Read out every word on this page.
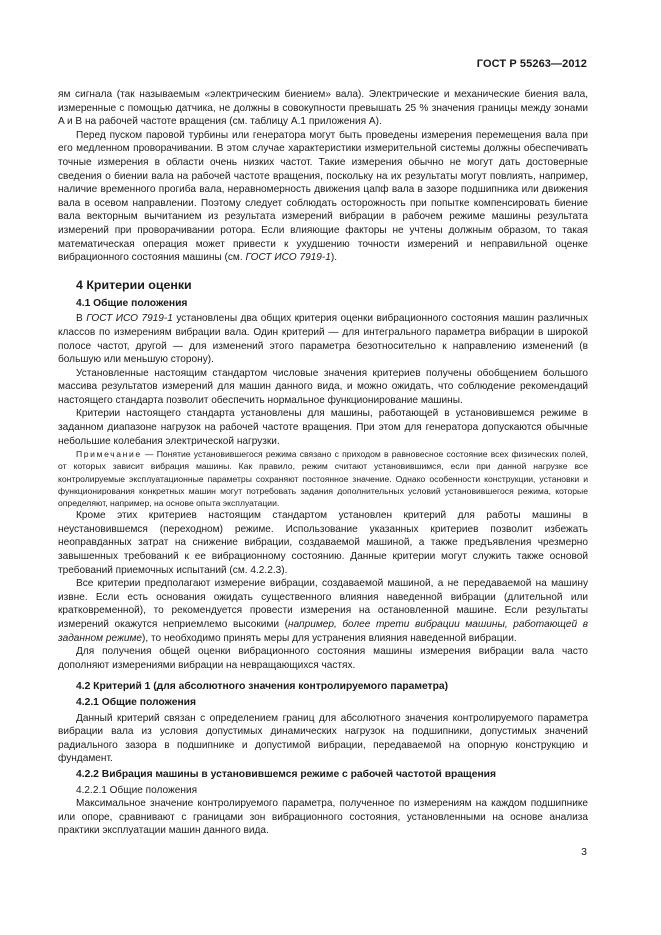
ГОСТ Р 55263—2012

ям сигнала (так называемым «электрическим биением» вала). Электрические и механические биения вала, измеренные с помощью датчика, не должны в совокупности превышать 25 % значения границы между зонами A и B на рабочей частоте вращения (см. таблицу A.1 приложения A).

Перед пуском паровой турбины или генератора могут быть проведены измерения перемещения вала при его медленном проворачивании. В этом случае характеристики измерительной системы должны обеспечивать точные измерения в области очень низких частот. Такие измерения обычно не могут дать достоверные сведения о биении вала на рабочей частоте вращения, поскольку на их результаты могут повлиять, например, наличие временного прогиба вала, неравномерность движения цапф вала в зазоре подшипника или движения вала в осевом направлении. Поэтому следует соблюдать осторожность при попытке компенсировать биение вала векторным вычитанием из результата измерений вибрации в рабочем режиме машины результата измерений при проворачивании ротора. Если влияющие факторы не учтены должным образом, то такая математическая операция может привести к ухудшению точности измерений и неправильной оценке вибрационного состояния машины (см. ГОСТ ИСО 7919-1).

4 Критерии оценки
4.1 Общие положения

В ГОСТ ИСО 7919-1 установлены два общих критерия оценки вибрационного состояния машин различных классов по измерениям вибрации вала. Один критерий — для интегрального параметра вибрации в широкой полосе частот, другой — для изменений этого параметра безотносительно к направлению изменений (в большую или меньшую сторону).

Установленные настоящим стандартом числовые значения критериев получены обобщением большого массива результатов измерений для машин данного вида, и можно ожидать, что соблюдение рекомендаций настоящего стандарта позволит обеспечить нормальное функционирование машины.

Критерии настоящего стандарта установлены для машины, работающей в установившемся режиме в заданном диапазоне нагрузок на рабочей частоте вращения. При этом для генератора допускаются обычные небольшие колебания электрической нагрузки.

Примечание — Понятие установившегося режима связано с приходом в равновесное состояние всех физических полей, от которых зависит вибрация машины. Как правило, режим считают установившимся, если при данной нагрузке все контролируемые эксплуатационные параметры сохраняют постоянное значение. Однако особенности конструкции, установки и функционирования конкретных машин могут потребовать задания дополнительных условий установившегося режима, которые определяют, например, на основе опыта эксплуатации.

Кроме этих критериев настоящим стандартом установлен критерий для работы машины в неустановившемся (переходном) режиме. Использование указанных критериев позволит избежать неоправданных затрат на снижение вибрации, создаваемой машиной, а также предъявления чрезмерно завышенных требований к ее вибрационному состоянию. Данные критерии могут служить также основой требований приемочных испытаний (см. 4.2.2.3).

Все критерии предполагают измерение вибрации, создаваемой машиной, а не передаваемой на машину извне. Если есть основания ожидать существенного влияния наведенной вибрации (длительной или кратковременной), то рекомендуется провести измерения на остановленной машине. Если результаты измерений окажутся неприемлемо высокими (например, более трети вибрации машины, работающей в заданном режиме), то необходимо принять меры для устранения влияния наведенной вибрации.

Для получения общей оценки вибрационного состояния машины измерения вибрации вала часто дополняют измерениями вибрации на невращающихся частях.

4.2 Критерий 1 (для абсолютного значения контролируемого параметра)
4.2.1 Общие положения

Данный критерий связан с определением границ для абсолютного значения контролируемого параметра вибрации вала из условия допустимых динамических нагрузок на подшипники, допустимых значений радиального зазора в подшипнике и допустимой вибрации, передаваемой на опорную конструкцию и фундамент.

4.2.2 Вибрация машины в установившемся режиме с рабочей частотой вращения

4.2.2.1 Общие положения

Максимальное значение контролируемого параметра, полученное по измерениям на каждом подшипнике или опоре, сравнивают с границами зон вибрационного состояния, установленными на основе анализа практики эксплуатации машин данного вида.

3
